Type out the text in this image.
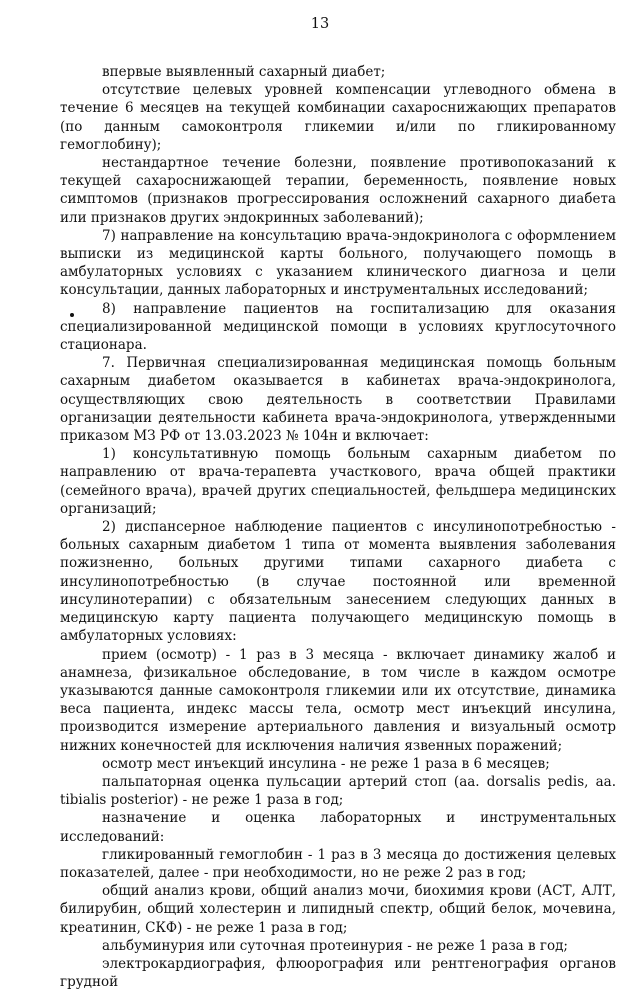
13

впервые выявленный сахарный диабет;

отсутствие целевых уровней компенсации углеводного обмена в течение 6 месяцев на текущей комбинации сахароснижающих препаратов (по данным самоконтроля гликемии и/или по гликированному гемоглобину);

нестандартное течение болезни, появление противопоказаний к текущей сахароснижающей терапии, беременность, появление новых симптомов (признаков прогрессирования осложнений сахарного диабета или признаков других эндокринных заболеваний);

7) направление на консультацию врача-эндокринолога с оформлением выписки из медицинской карты больного, получающего помощь в амбулаторных условиях с указанием клинического диагноза и цели консультации, данных лабораторных и инструментальных исследований;

8) направление пациентов на госпитализацию для оказания специализированной медицинской помощи в условиях круглосуточного стационара.

7. Первичная специализированная медицинская помощь больным сахарным диабетом оказывается в кабинетах врача-эндокринолога, осуществляющих свою деятельность в соответствии Правилами организации деятельности кабинета врача-эндокринолога, утвержденными приказом МЗ РФ от 13.03.2023 № 104н и включает:

1) консультативную помощь больным сахарным диабетом по направлению от врача-терапевта участкового, врача общей практики (семейного врача), врачей других специальностей, фельдшера медицинских организаций;

2) диспансерное наблюдение пациентов с инсулинопотребностью - больных сахарным диабетом 1 типа от момента выявления заболевания пожизненно, больных другими типами сахарного диабета с инсулинопотребностью (в случае постоянной или временной инсулинотерапии) с обязательным занесением следующих данных в медицинскую карту пациента получающего медицинскую помощь в амбулаторных условиях:

прием (осмотр) - 1 раз в 3 месяца - включает динамику жалоб и анамнеза, физикальное обследование, в том числе в каждом осмотре указываются данные самоконтроля гликемии или их отсутствие, динамика веса пациента, индекс массы тела, осмотр мест инъекций инсулина, производится измерение артериального давления и визуальный осмотр нижних конечностей для исключения наличия язвенных поражений;

осмотр мест инъекций инсулина - не реже 1 раза в 6 месяцев;

пальпаторная оценка пульсации артерий стоп (aa. dorsalis pedis, aa. tibialis posterior) - не реже 1 раза в год;

назначение и оценка лабораторных и инструментальных исследований:

гликированный гемоглобин - 1 раз в 3 месяца до достижения целевых показателей, далее - при необходимости, но не реже 2 раз в год;

общий анализ крови, общий анализ мочи, биохимия крови (АСТ, АЛТ, билирубин, общий холестерин и липидный спектр, общий белок, мочевина, креатинин, СКФ) - не реже 1 раза в год;

альбуминурия или суточная протеинурия - не реже 1 раза в год;

электрокардиография, флюорография или рентгенография органов грудной
